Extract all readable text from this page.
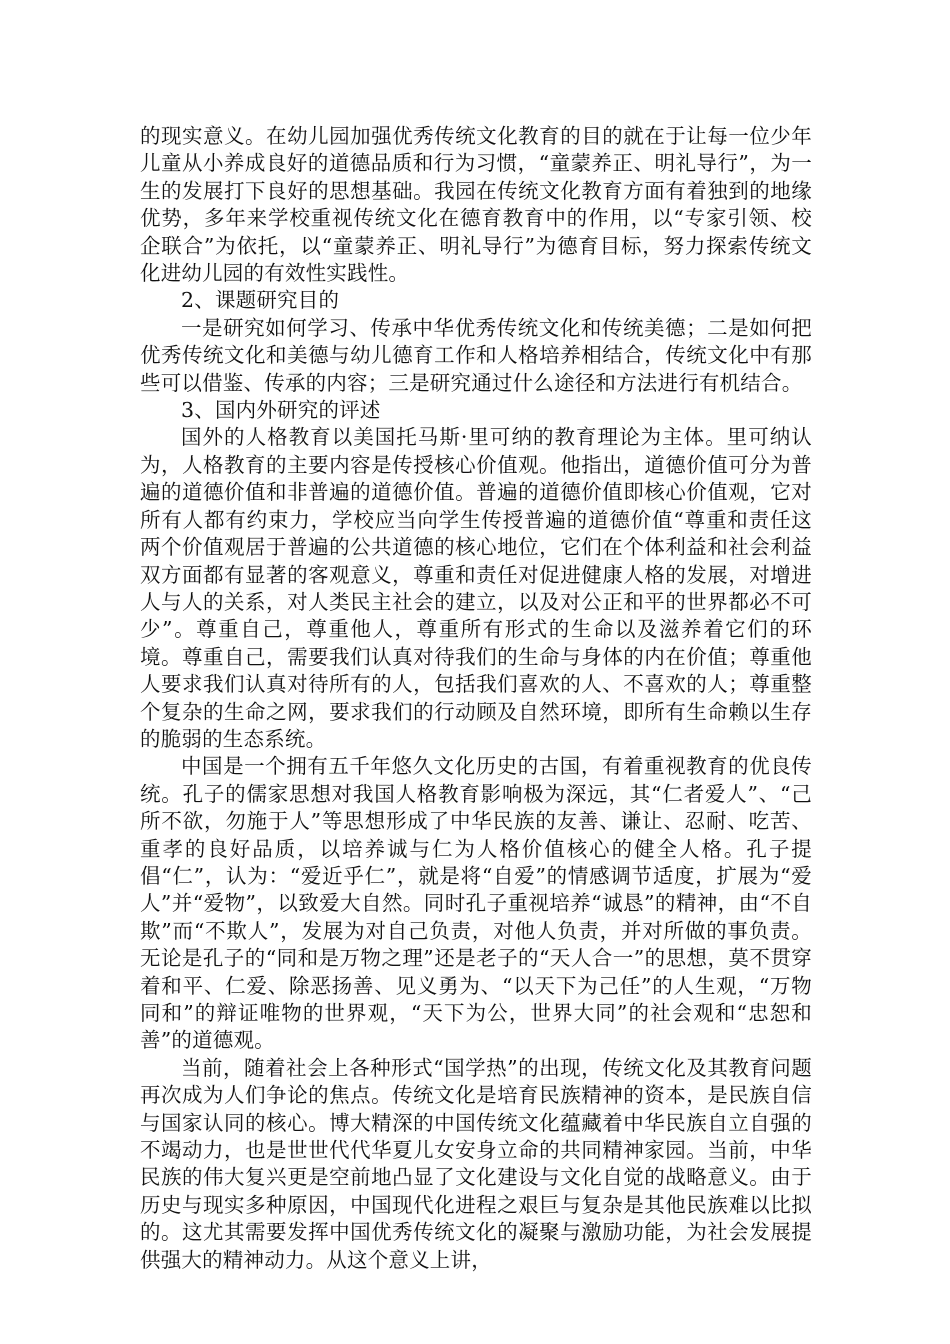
的现实意义。在幼儿园加强优秀传统文化教育的目的就在于让每一位少年儿童从小养成良好的道德品质和行为习惯，“童蒙养正、明礼导行”，为一生的发展打下良好的思想基础。我园在传统文化教育方面有着独到的地缘优势，多年来学校重视传统文化在德育教育中的作用，以“专家引领、校企联合”为依托，以“童蒙养正、明礼导行”为德育目标，努力探索传统文化进幼儿园的有效性实践性。

2、课题研究目的

一是研究如何学习、传承中华优秀传统文化和传统美德；二是如何把优秀传统文化和美德与幼儿德育工作和人格培养相结合，传统文化中有那些可以借鉴、传承的内容；三是研究通过什么途径和方法进行有机结合。

3、国内外研究的评述

国外的人格教育以美国托马斯·里可纳的教育理论为主体。里可纳认为，人格教育的主要内容是传授核心价值观。他指出，道德价值可分为普遍的道德价值和非普遍的道德价值。普遍的道德价值即核心价值观，它对所有人都有约束力，学校应当向学生传授普遍的道德价值“尊重和责任这两个价值观居于普遍的公共道德的核心地位，它们在个体利益和社会利益双方面都有显著的客观意义，尊重和责任对促进健康人格的发展，对增进人与人的关系，对人类民主社会的建立，以及对公正和平的世界都必不可少”。尊重自己，尊重他人，尊重所有形式的生命以及滋养着它们的环境。尊重自己，需要我们认真对待我们的生命与身体的内在价值；尊重他人要求我们认真对待所有的人，包括我们喜欢的人、不喜欢的人；尊重整个复杂的生命之网，要求我们的行动顾及自然环境，即所有生命赖以生存的脆弱的生态系统。

中国是一个拥有五千年悠久文化历史的古国，有着重视教育的优良传统。孔子的儒家思想对我国人格教育影响极为深远，其“仁者爱人”、“己所不欲，勿施于人”等思想形成了中华民族的友善、谦让、忍耐、吃苦、重孝的良好品质，以培养诚与仁为人格价值核心的健全人格。孔子提倡“仁”，认为：“爱近乎仁”，就是将“自爱”的情感调节适度，扩展为“爱人”并“爱物”，以致爱大自然。同时孔子重视培养“诚恳”的精神，由“不自欺”而“不欺人”，发展为对自己负责，对他人负责，并对所做的事负责。无论是孔子的“同和是万物之理”还是老子的“天人合一”的思想，莫不贯穿着和平、仁爱、除恶扬善、见义勇为、“以天下为己任”的人生观，“万物同和”的辩证唯物的世界观，“天下为公，世界大同”的社会观和“忠恕和善”的道德观。

当前，随着社会上各种形式“国学热”的出现，传统文化及其教育问题再次成为人们争论的焦点。传统文化是培育民族精神的资本，是民族自信与国家认同的核心。博大精深的中国传统文化蕴藏着中华民族自立自强的不竭动力，也是世世代代华夏儿女安身立命的共同精神家园。当前，中华民族的伟大复兴更是空前地凸显了文化建设与文化自觉的战略意义。由于历史与现实多种原因，中国现代化进程之艰巨与复杂是其他民族难以比拟的。这尤其需要发挥中国优秀传统文化的凝聚与激励功能，为社会发展提供强大的精神动力。从这个意义上讲，
